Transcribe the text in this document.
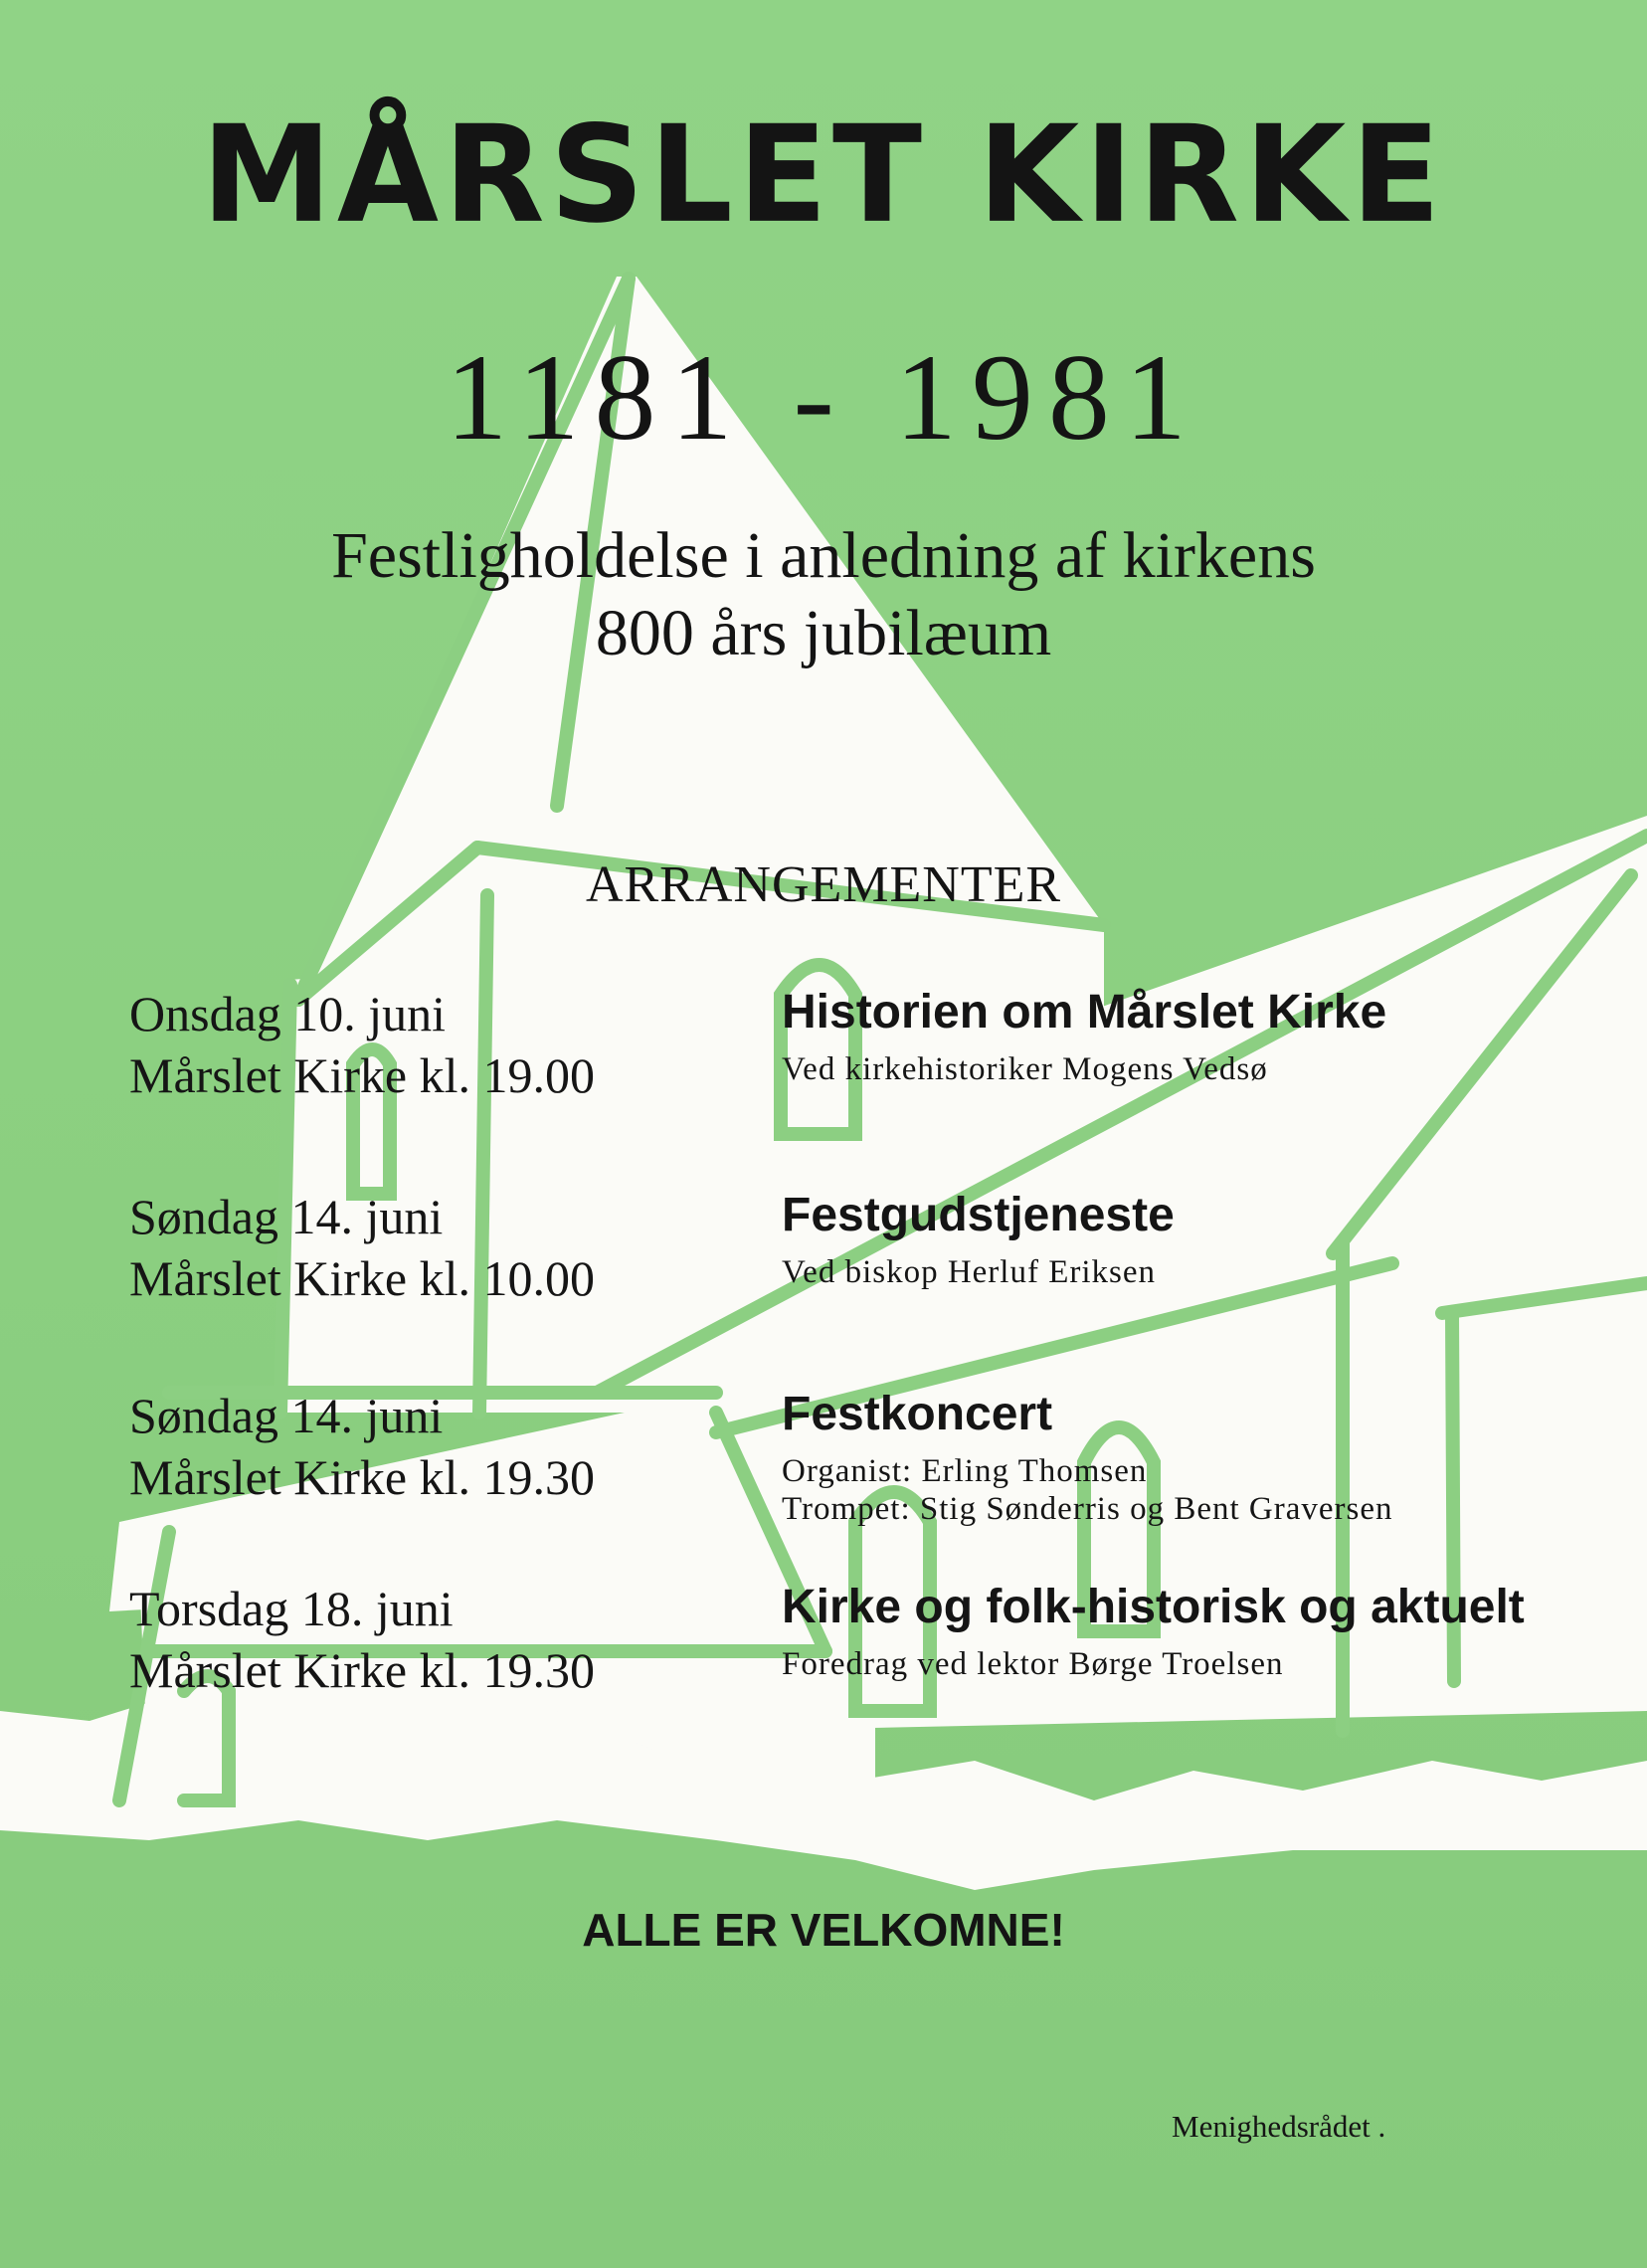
MÅRSLET KIRKE
1181 - 1981
Festligholdelse i anledning af kirkens
800 års jubilæum
ARRANGEMENTER
Onsdag 10. juni
Mårslet Kirke kl. 19.00
Historien om Mårslet Kirke
Ved kirkehistoriker Mogens Vedsø
Søndag 14. juni
Mårslet Kirke kl. 10.00
Festgudstjeneste
Ved biskop Herluf Eriksen
Søndag 14. juni
Mårslet Kirke kl. 19.30
Festkoncert
Organist: Erling Thomsen
Trompet: Stig Sønderris og Bent Graversen
Torsdag 18. juni
Mårslet Kirke kl. 19.30
Kirke og folk-historisk og aktuelt
Foredrag ved lektor Børge Troelsen
ALLE ER VELKOMNE!
Menighedsrådet .
